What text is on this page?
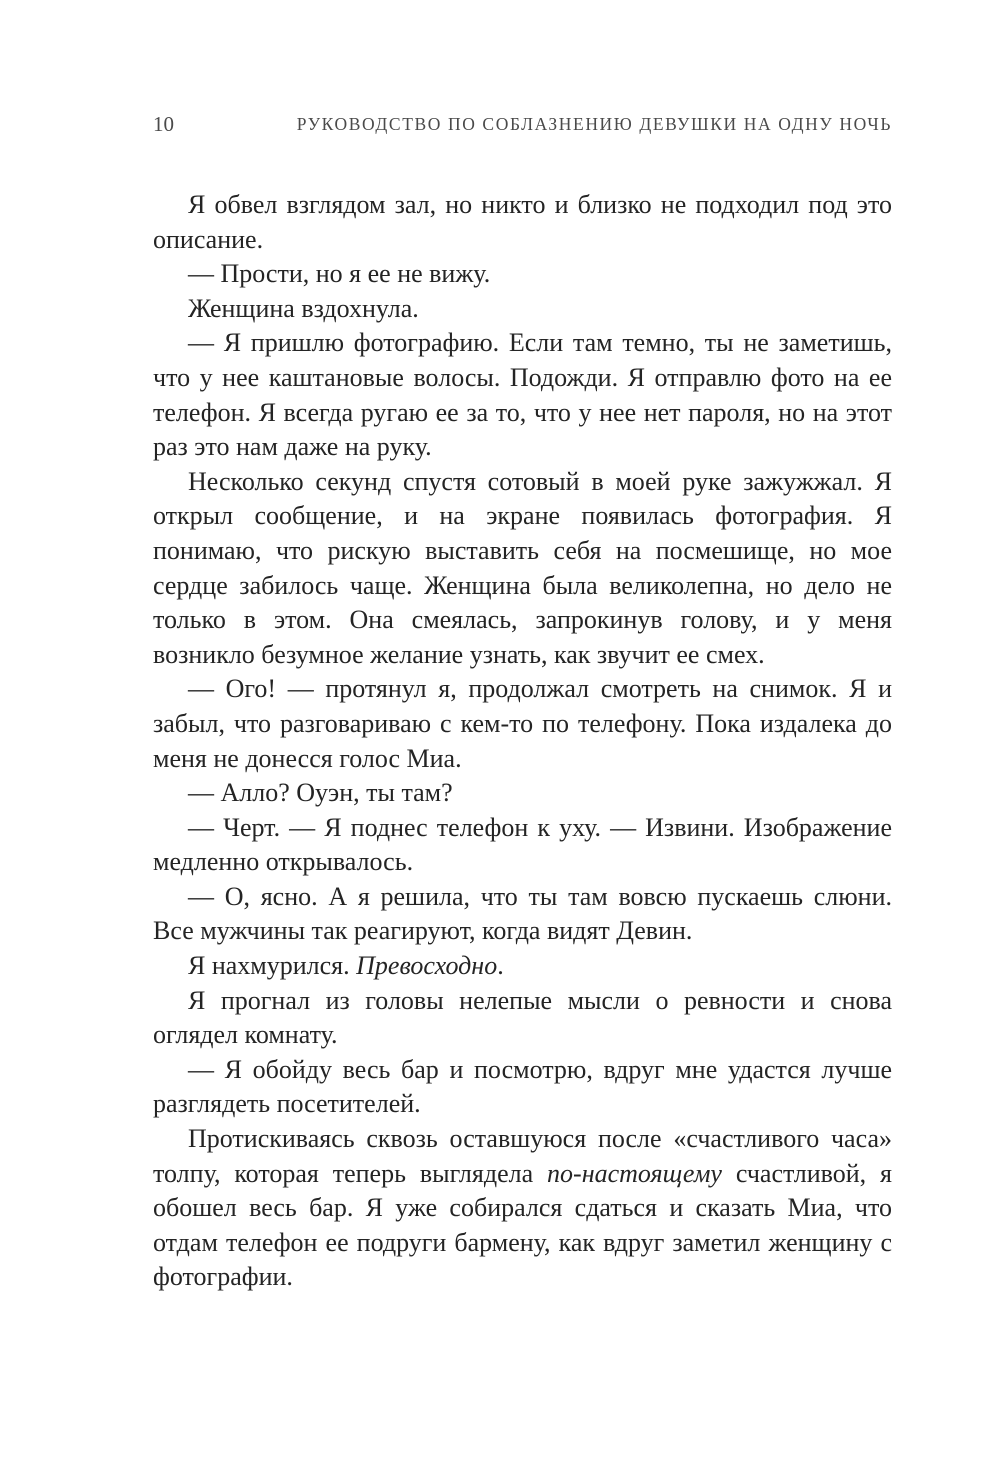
10	РУКОВОДСТВО ПО СОБЛАЗНЕНИЮ ДЕВУШКИ НА ОДНУ НОЧЬ

Я обвел взглядом зал, но никто и близко не подходил под это описание.

— Прости, но я ее не вижу.

Женщина вздохнула.

— Я пришлю фотографию. Если там темно, ты не заметишь, что у нее каштановые волосы. Подожди. Я отправлю фото на ее телефон. Я всегда ругаю ее за то, что у нее нет пароля, но на этот раз это нам даже на руку.

Несколько секунд спустя сотовый в моей руке зажужжал. Я открыл сообщение, и на экране появилась фотография. Я понимаю, что рискую выставить себя на посмешище, но мое сердце забилось чаще. Женщина была великолепна, но дело не только в этом. Она смеялась, запрокинув голову, и у меня возникло безумное желание узнать, как звучит ее смех.

— Ого! — протянул я, продолжал смотреть на снимок. Я и забыл, что разговариваю с кем-то по телефону. Пока издалека до меня не донесся голос Миа.

— Алло? Оуэн, ты там?

— Черт. — Я поднес телефон к уху. — Извини. Изображение медленно открывалось.

— О, ясно. А я решила, что ты там вовсю пускаешь слюни. Все мужчины так реагируют, когда видят Девин.

Я нахмурился. Превосходно.

Я прогнал из головы нелепые мысли о ревности и снова оглядел комнату.

— Я обойду весь бар и посмотрю, вдруг мне удастся лучше разглядеть посетителей.

Протискиваясь сквозь оставшуюся после «счастливого часа» толпу, которая теперь выглядела по-настоящему счастливой, я обошел весь бар. Я уже собирался сдаться и сказать Миа, что отдам телефон ее подруги бармену, как вдруг заметил женщину с фотографии.
